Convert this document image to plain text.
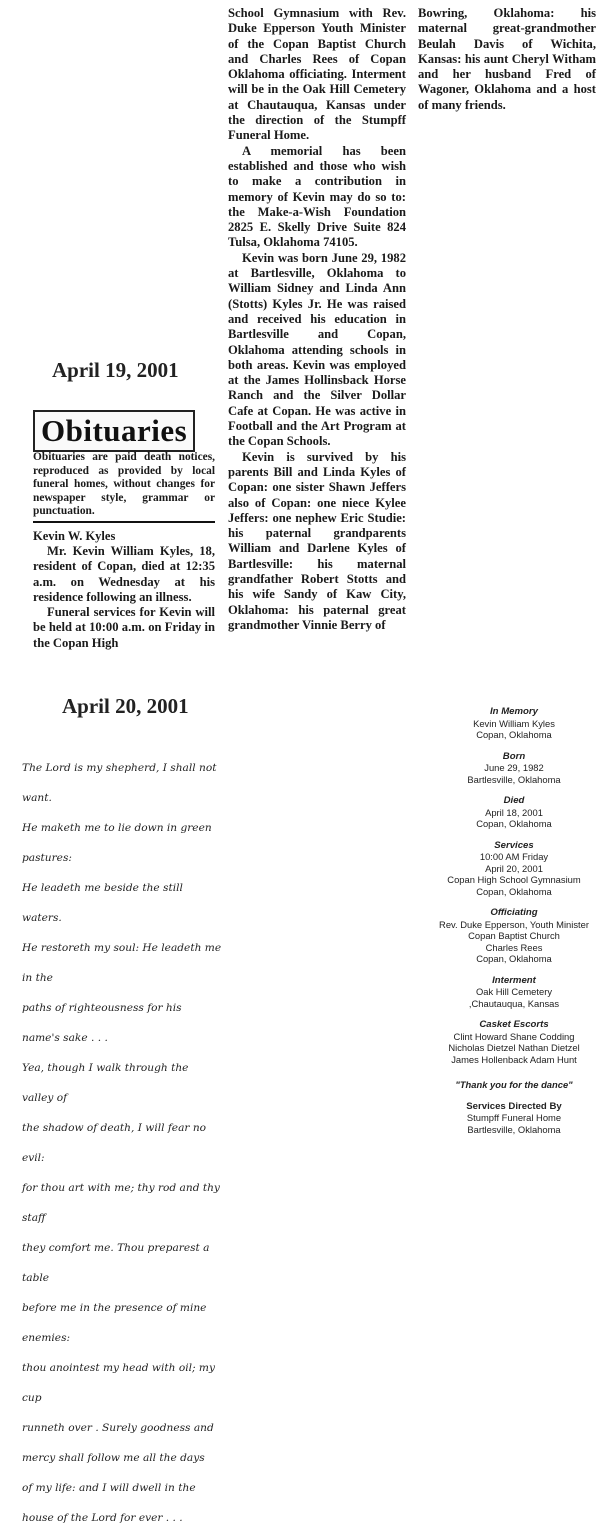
April 19, 2001
Obituaries
Obituaries are paid death notices, reproduced as provided by local funeral homes, without changes for newspaper style, grammar or punctuation.
Kevin W. Kyles

Mr. Kevin William Kyles, 18, resident of Copan, died at 12:35 a.m. on Wednesday at his residence following an illness.

Funeral services for Kevin will be held at 10:00 a.m. on Friday in the Copan High

School Gymnasium with Rev. Duke Epperson Youth Minister of the Copan Baptist Church and Charles Rees of Copan Oklahoma officiating. Interment will be in the Oak Hill Cemetery at Chautauqua, Kansas under the direction of the Stumpff Funeral Home.

A memorial has been established and those who wish to make a contribution in memory of Kevin may do so to: the Make-a-Wish Foundation 2825 E. Skelly Drive Suite 824 Tulsa, Oklahoma 74105.

Kevin was born June 29, 1982 at Bartlesville, Oklahoma to William Sidney and Linda Ann (Stotts) Kyles Jr. He was raised and received his education in Bartlesville and Copan, Oklahoma attending schools in both areas. Kevin was employed at the James Hollinsback Horse Ranch and the Silver Dollar Cafe at Copan. He was active in Football and the Art Program at the Copan Schools.

Kevin is survived by his parents Bill and Linda Kyles of Copan: one sister Shawn Jeffers also of Copan: one niece Kylee Jeffers: one nephew Eric Studie: his paternal grandparents William and Darlene Kyles of Bartlesville: his maternal grandfather Robert Stotts and his wife Sandy of Kaw City, Oklahoma: his paternal great grandmother Vinnie Berry of

Bowring, Oklahoma: his maternal great-grandmother Beulah Davis of Wichita, Kansas: his aunt Cheryl Witham and her husband Fred of Wagoner, Oklahoma and a host of many friends.

April 20, 2001
The Lord is my shepherd, I shall not want.
He maketh me to lie down in green pastures:
He leadeth me beside the still waters.
He restoreth my soul: He leadeth me in the
paths of righteousness for his name's sake . . .
Yea, though I walk through the valley of
the shadow of death, I will fear no evil:
for thou art with me; thy rod and thy staff
they comfort me. Thou preparest a table
before me in the presence of mine enemies:
thou anointest my head with oil; my cup
runneth over . Surely goodness and
mercy shall follow me all the days
of my life: and I will dwell in the
house of the Lord for ever . . .
In Memory
Kevin William Kyles
Copan, Oklahoma
Born
June 29, 1982
Bartlesville, Oklahoma
Died
April 18, 2001
Copan, Oklahoma
Services
10:00 AM Friday
April 20, 2001
Copan High School Gymnasium
Copan, Oklahoma
Officiating
Rev. Duke Epperson, Youth Minister
Copan Baptist Church
Charles Rees
Copan, Oklahoma
Interment
Oak Hill Cemetery
,Chautauqua, Kansas
Casket Escorts
Clint Howard Shane Codding
Nicholas Dietzel Nathan Dietzel
James Hollenback Adam Hunt
"Thank you for the dance"
Services Directed By
Stumpff Funeral Home
Bartlesville, Oklahoma
